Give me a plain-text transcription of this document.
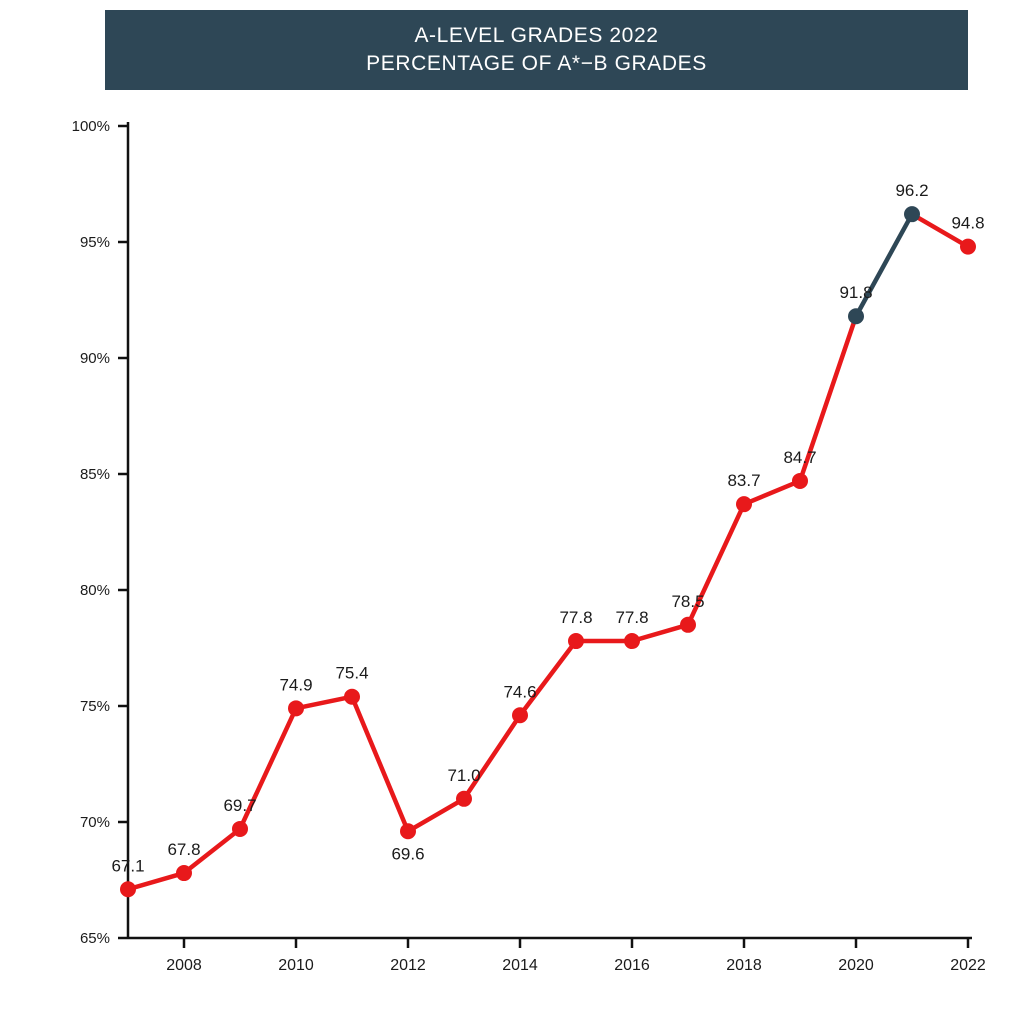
A-LEVEL GRADES 2022
PERCENTAGE OF A*−B GRADES
65%
70%
75%
80%
85%
90%
95%
100%
2008	2010	2012	2014	2016	2018	2020	2022
67.1
67.8
69.7
74.9
75.4
69.6
71.0
74.6
77.8 77.8
78.5
83.7
84.7
91.8
96.2
94.8
